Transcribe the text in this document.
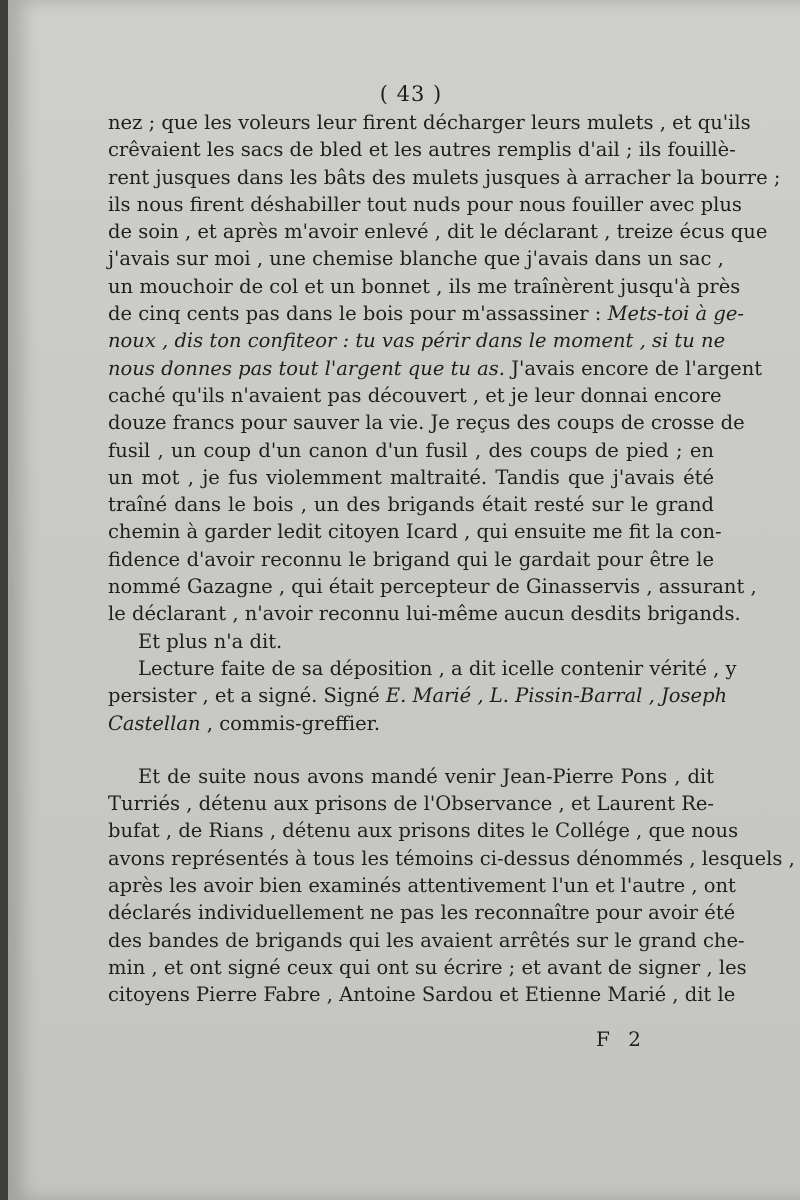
( 43 )
nez ; que les voleurs leur firent décharger leurs mulets , et qu'ils
crêvaient les sacs de bled et les autres remplis d'ail ; ils fouillè-
rent jusques dans les bâts des mulets jusques à arracher la bourre ;
ils nous firent déshabiller tout nuds pour nous fouiller avec plus
de soin , et après m'avoir enlevé , dit le déclarant , treize écus que
j'avais sur moi , une chemise blanche que j'avais dans un sac ,
un mouchoir de col et un bonnet , ils me traînèrent jusqu'à près
de cinq cents pas dans le bois pour m'assassiner : Mets-toi à ge-
noux , dis ton confiteor : tu vas périr dans le moment , si tu ne
nous donnes pas tout l'argent que tu as. J'avais encore de l'argent
caché qu'ils n'avaient pas découvert , et je leur donnai encore
douze francs pour sauver la vie. Je reçus des coups de crosse de
fusil , un coup d'un canon d'un fusil , des coups de pied ; en
un mot , je fus violemment maltraité. Tandis que j'avais été
traîné dans le bois , un des brigands était resté sur le grand
chemin à garder ledit citoyen Icard , qui ensuite me fit la con-
fidence d'avoir reconnu le brigand qui le gardait pour être le
nommé Gazagne , qui était percepteur de Ginasservis , assurant ,
le déclarant , n'avoir reconnu lui-même aucun desdits brigands.
Et plus n'a dit.
Lecture faite de sa déposition , a dit icelle contenir vérité , y
persister , et a signé. Signé E. Marié , L. Pissin-Barral , Joseph
Castellan , commis-greffier.
Et de suite nous avons mandé venir Jean-Pierre Pons , dit
Turriés , détenu aux prisons de l'Observance , et Laurent Re-
bufat , de Rians , détenu aux prisons dites le Collége , que nous
avons représentés à tous les témoins ci-dessus dénommés , lesquels ,
après les avoir bien examinés attentivement l'un et l'autre , ont
déclarés individuellement ne pas les reconnaître pour avoir été
des bandes de brigands qui les avaient arrêtés sur le grand che-
min , et ont signé ceux qui ont su écrire ; et avant de signer , les
citoyens Pierre Fabre , Antoine Sardou et Etienne Marié , dit le
F 2
